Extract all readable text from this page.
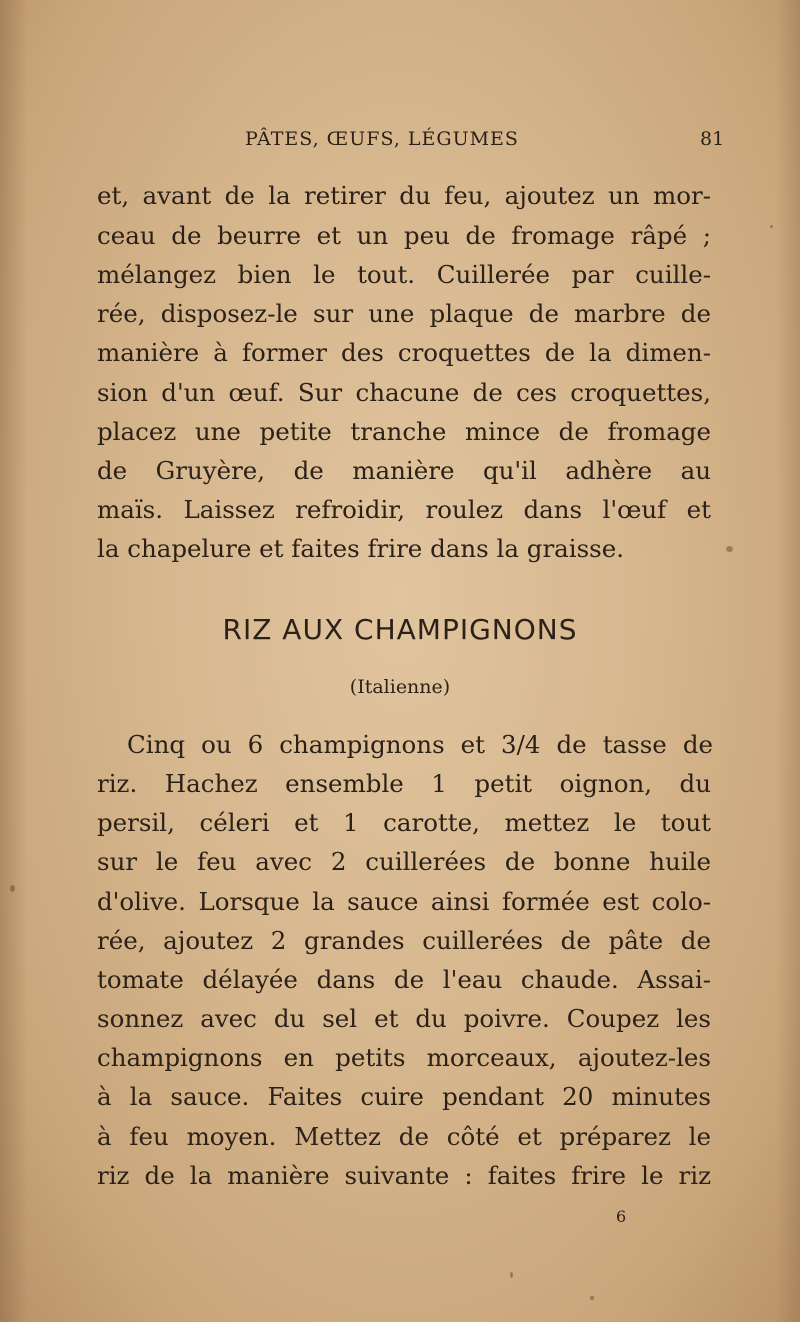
PÂTES, ŒUFS, LÉGUMES	81
et, avant de la retirer du feu, ajoutez un mor-
ceau de beurre et un peu de fromage râpé ;
mélangez bien le tout. Cuillerée par cuille-
rée, disposez-le sur une plaque de marbre de
manière à former des croquettes de la dimen-
sion d'un œuf. Sur chacune de ces croquettes,
placez une petite tranche mince de fromage
de Gruyère, de manière qu'il adhère au
maïs. Laissez refroidir, roulez dans l'œuf et
la chapelure et faites frire dans la graisse.
RIZ AUX CHAMPIGNONS
(Italienne)
Cinq ou 6 champignons et 3/4 de tasse de
riz. Hachez ensemble 1 petit oignon, du
persil, céleri et 1 carotte, mettez le tout
sur le feu avec 2 cuillerées de bonne huile
d'olive. Lorsque la sauce ainsi formée est colo-
rée, ajoutez 2 grandes cuillerées de pâte de
tomate délayée dans de l'eau chaude. Assai-
sonnez avec du sel et du poivre. Coupez les
champignons en petits morceaux, ajoutez-les
à la sauce. Faites cuire pendant 20 minutes
à feu moyen. Mettez de côté et préparez le
riz de la manière suivante : faites frire le riz
6
